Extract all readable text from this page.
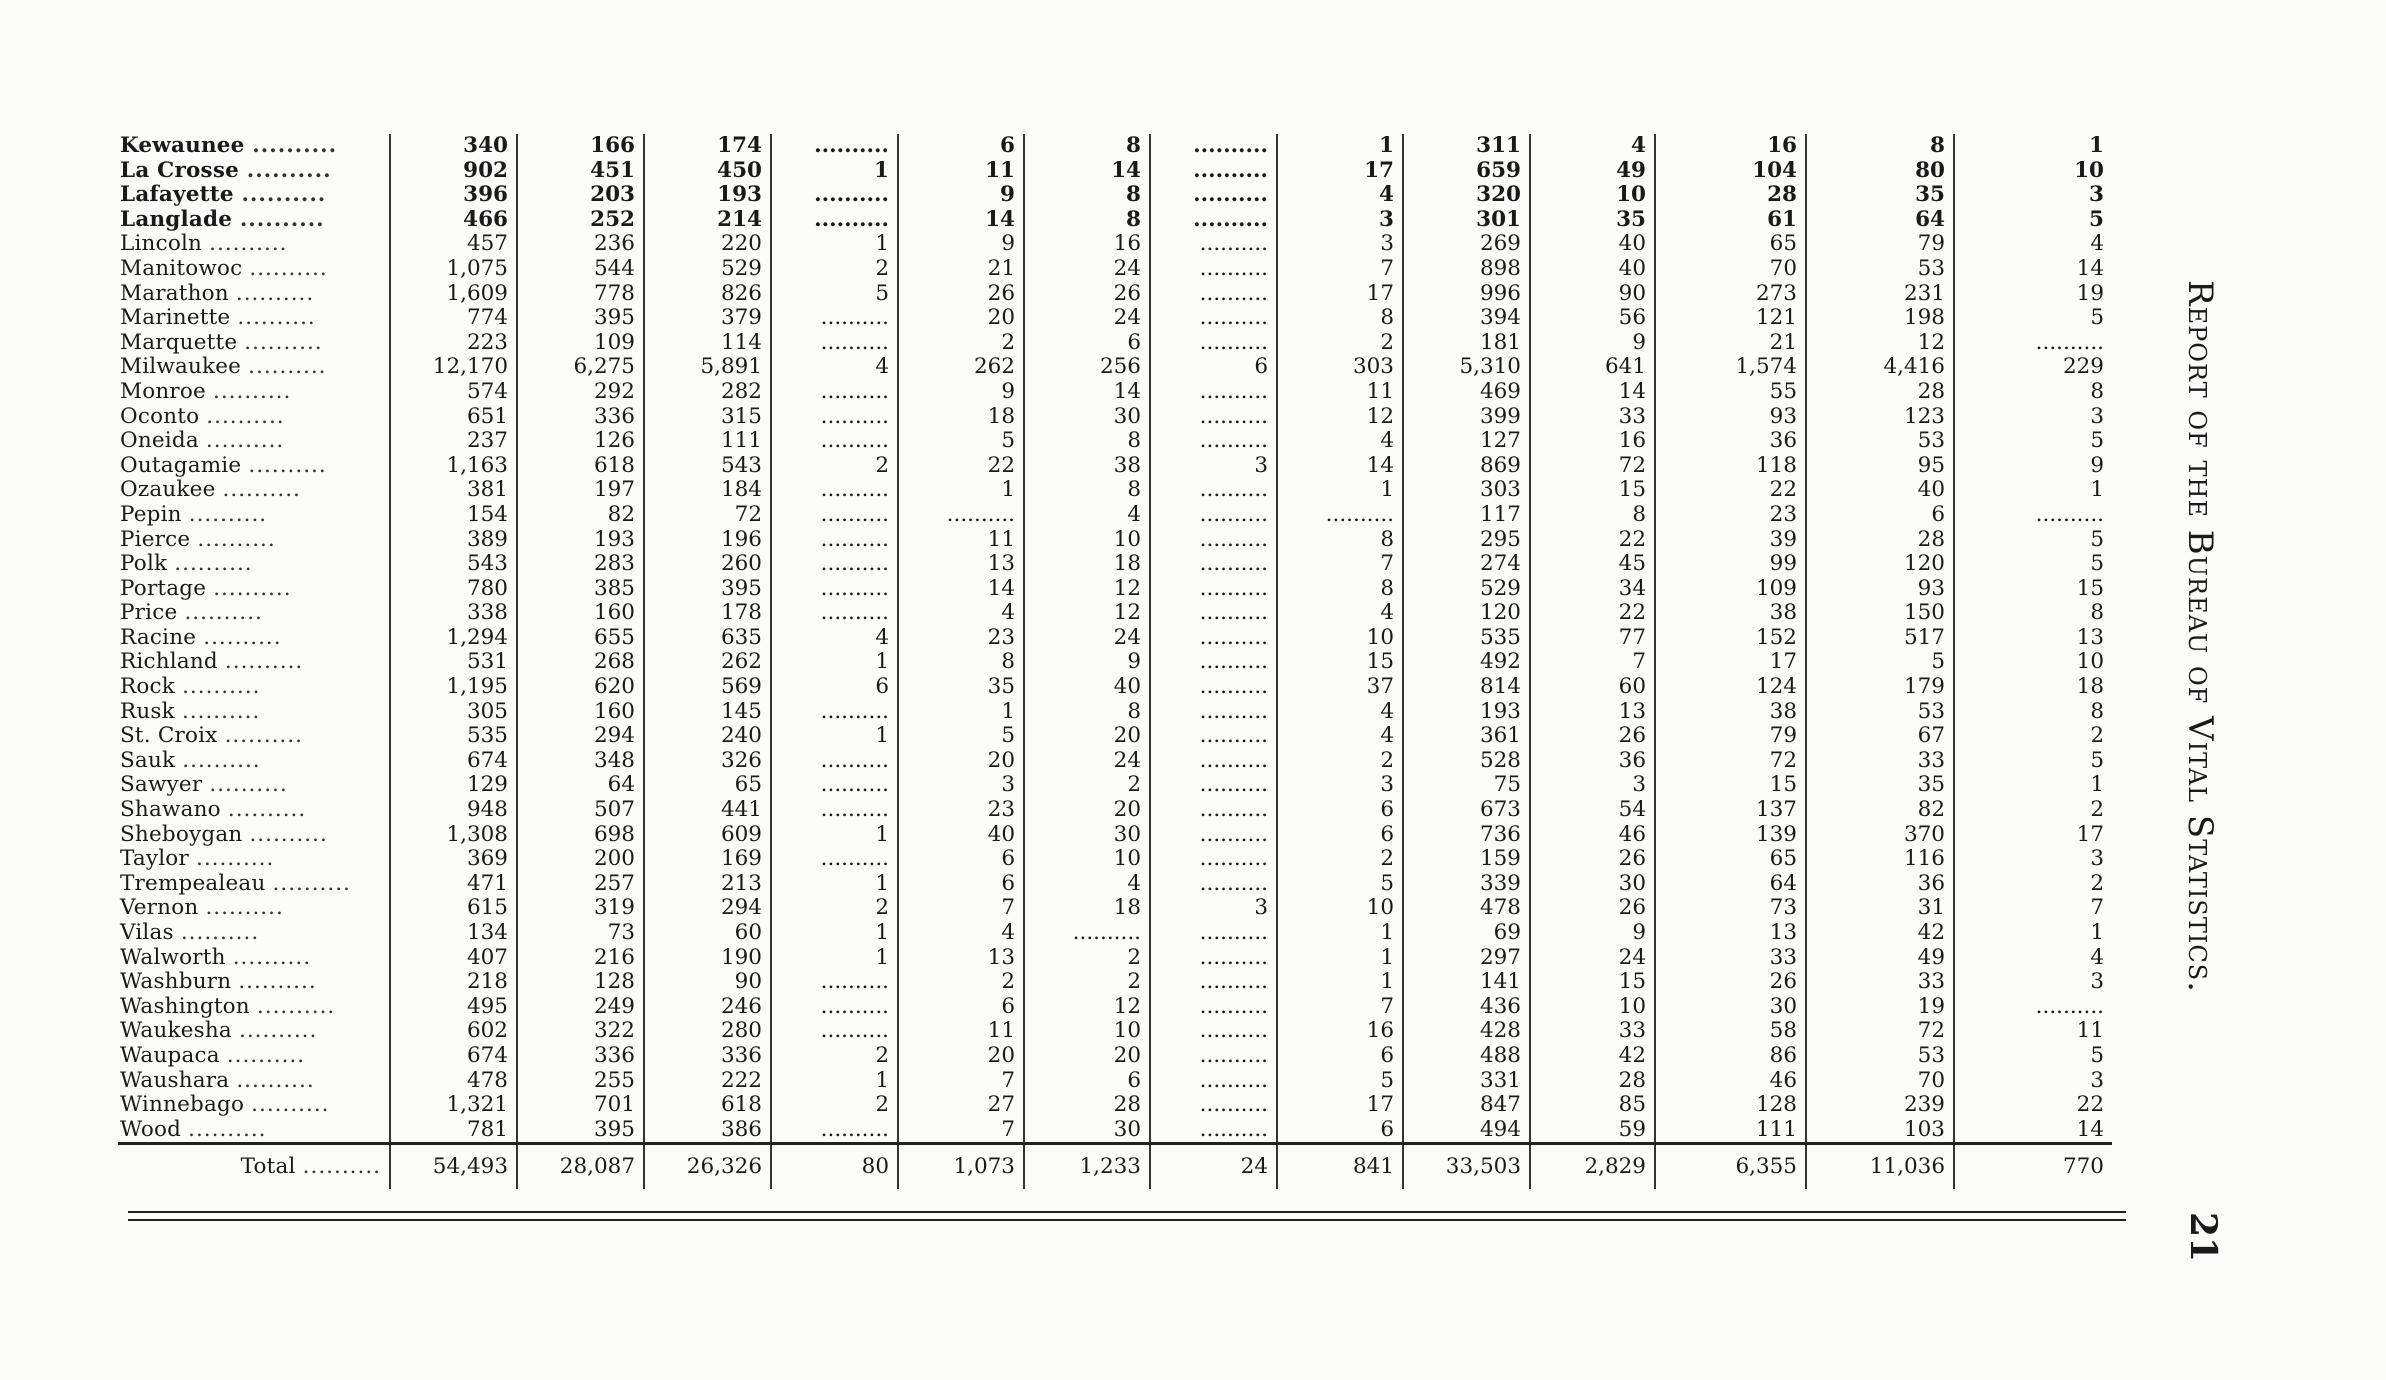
Kewaunee ..........	340	166	174	..........	6	8	..........	1	311	4	16	8	1
La Crosse ..........	902	451	450	1	11	14	..........	17	659	49	104	80	10
Lafayette ..........	396	203	193	..........	9	8	..........	4	320	10	28	35	3
Langlade ..........	466	252	214	..........	14	8	..........	3	301	35	61	64	5
Lincoln ..........	457	236	220	1	9	16	..........	3	269	40	65	79	4
Manitowoc ..........	1,075	544	529	2	21	24	..........	7	898	40	70	53	14
Marathon ..........	1,609	778	826	5	26	26	..........	17	996	90	273	231	19
Marinette ..........	774	395	379	..........	20	24	..........	8	394	56	121	198	5
Marquette ..........	223	109	114	..........	2	6	..........	2	181	9	21	12	..........
Milwaukee ..........	12,170	6,275	5,891	4	262	256	6	303	5,310	641	1,574	4,416	229
Monroe ..........	574	292	282	..........	9	14	..........	11	469	14	55	28	8
Oconto ..........	651	336	315	..........	18	30	..........	12	399	33	93	123	3
Oneida ..........	237	126	111	..........	5	8	..........	4	127	16	36	53	5
Outagamie ..........	1,163	618	543	2	22	38	3	14	869	72	118	95	9
Ozaukee ..........	381	197	184	..........	1	8	..........	1	303	15	22	40	1
Pepin ..........	154	82	72	..........	..........	4	..........	..........	117	8	23	6	..........
Pierce ..........	389	193	196	..........	11	10	..........	8	295	22	39	28	5
Polk ..........	543	283	260	..........	13	18	..........	7	274	45	99	120	5
Portage ..........	780	385	395	..........	14	12	..........	8	529	34	109	93	15
Price ..........	338	160	178	..........	4	12	..........	4	120	22	38	150	8
Racine ..........	1,294	655	635	4	23	24	..........	10	535	77	152	517	13
Richland ..........	531	268	262	1	8	9	..........	15	492	7	17	5	10
Rock ..........	1,195	620	569	6	35	40	..........	37	814	60	124	179	18
Rusk ..........	305	160	145	..........	1	8	..........	4	193	13	38	53	8
St. Croix ..........	535	294	240	1	5	20	..........	4	361	26	79	67	2
Sauk ..........	674	348	326	..........	20	24	..........	2	528	36	72	33	5
Sawyer ..........	129	64	65	..........	3	2	..........	3	75	3	15	35	1
Shawano ..........	948	507	441	..........	23	20	..........	6	673	54	137	82	2
Sheboygan ..........	1,308	698	609	1	40	30	..........	6	736	46	139	370	17
Taylor ..........	369	200	169	..........	6	10	..........	2	159	26	65	116	3
Trempealeau ..........	471	257	213	1	6	4	..........	5	339	30	64	36	2
Vernon ..........	615	319	294	2	7	18	3	10	478	26	73	31	7
Vilas ..........	134	73	60	1	4	..........	..........	1	69	9	13	42	1
Walworth ..........	407	216	190	1	13	2	..........	1	297	24	33	49	4
Washburn ..........	218	128	90	..........	2	2	..........	1	141	15	26	33	3
Washington ..........	495	249	246	..........	6	12	..........	7	436	10	30	19	..........
Waukesha ..........	602	322	280	..........	11	10	..........	16	428	33	58	72	11
Waupaca ..........	674	336	336	2	20	20	..........	6	488	42	86	53	5
Waushara ..........	478	255	222	1	7	6	..........	5	331	28	46	70	3
Winnebago ..........	1,321	701	618	2	27	28	..........	17	847	85	128	239	22
Wood ..........	781	395	386	..........	7	30	..........	6	494	59	111	103	14
Total ..........	54,493	28,087	26,326	80	1,073	1,233	24	841	33,503	2,829	6,355	11,036	770
Report of the Bureau of Vital Statistics.
21
